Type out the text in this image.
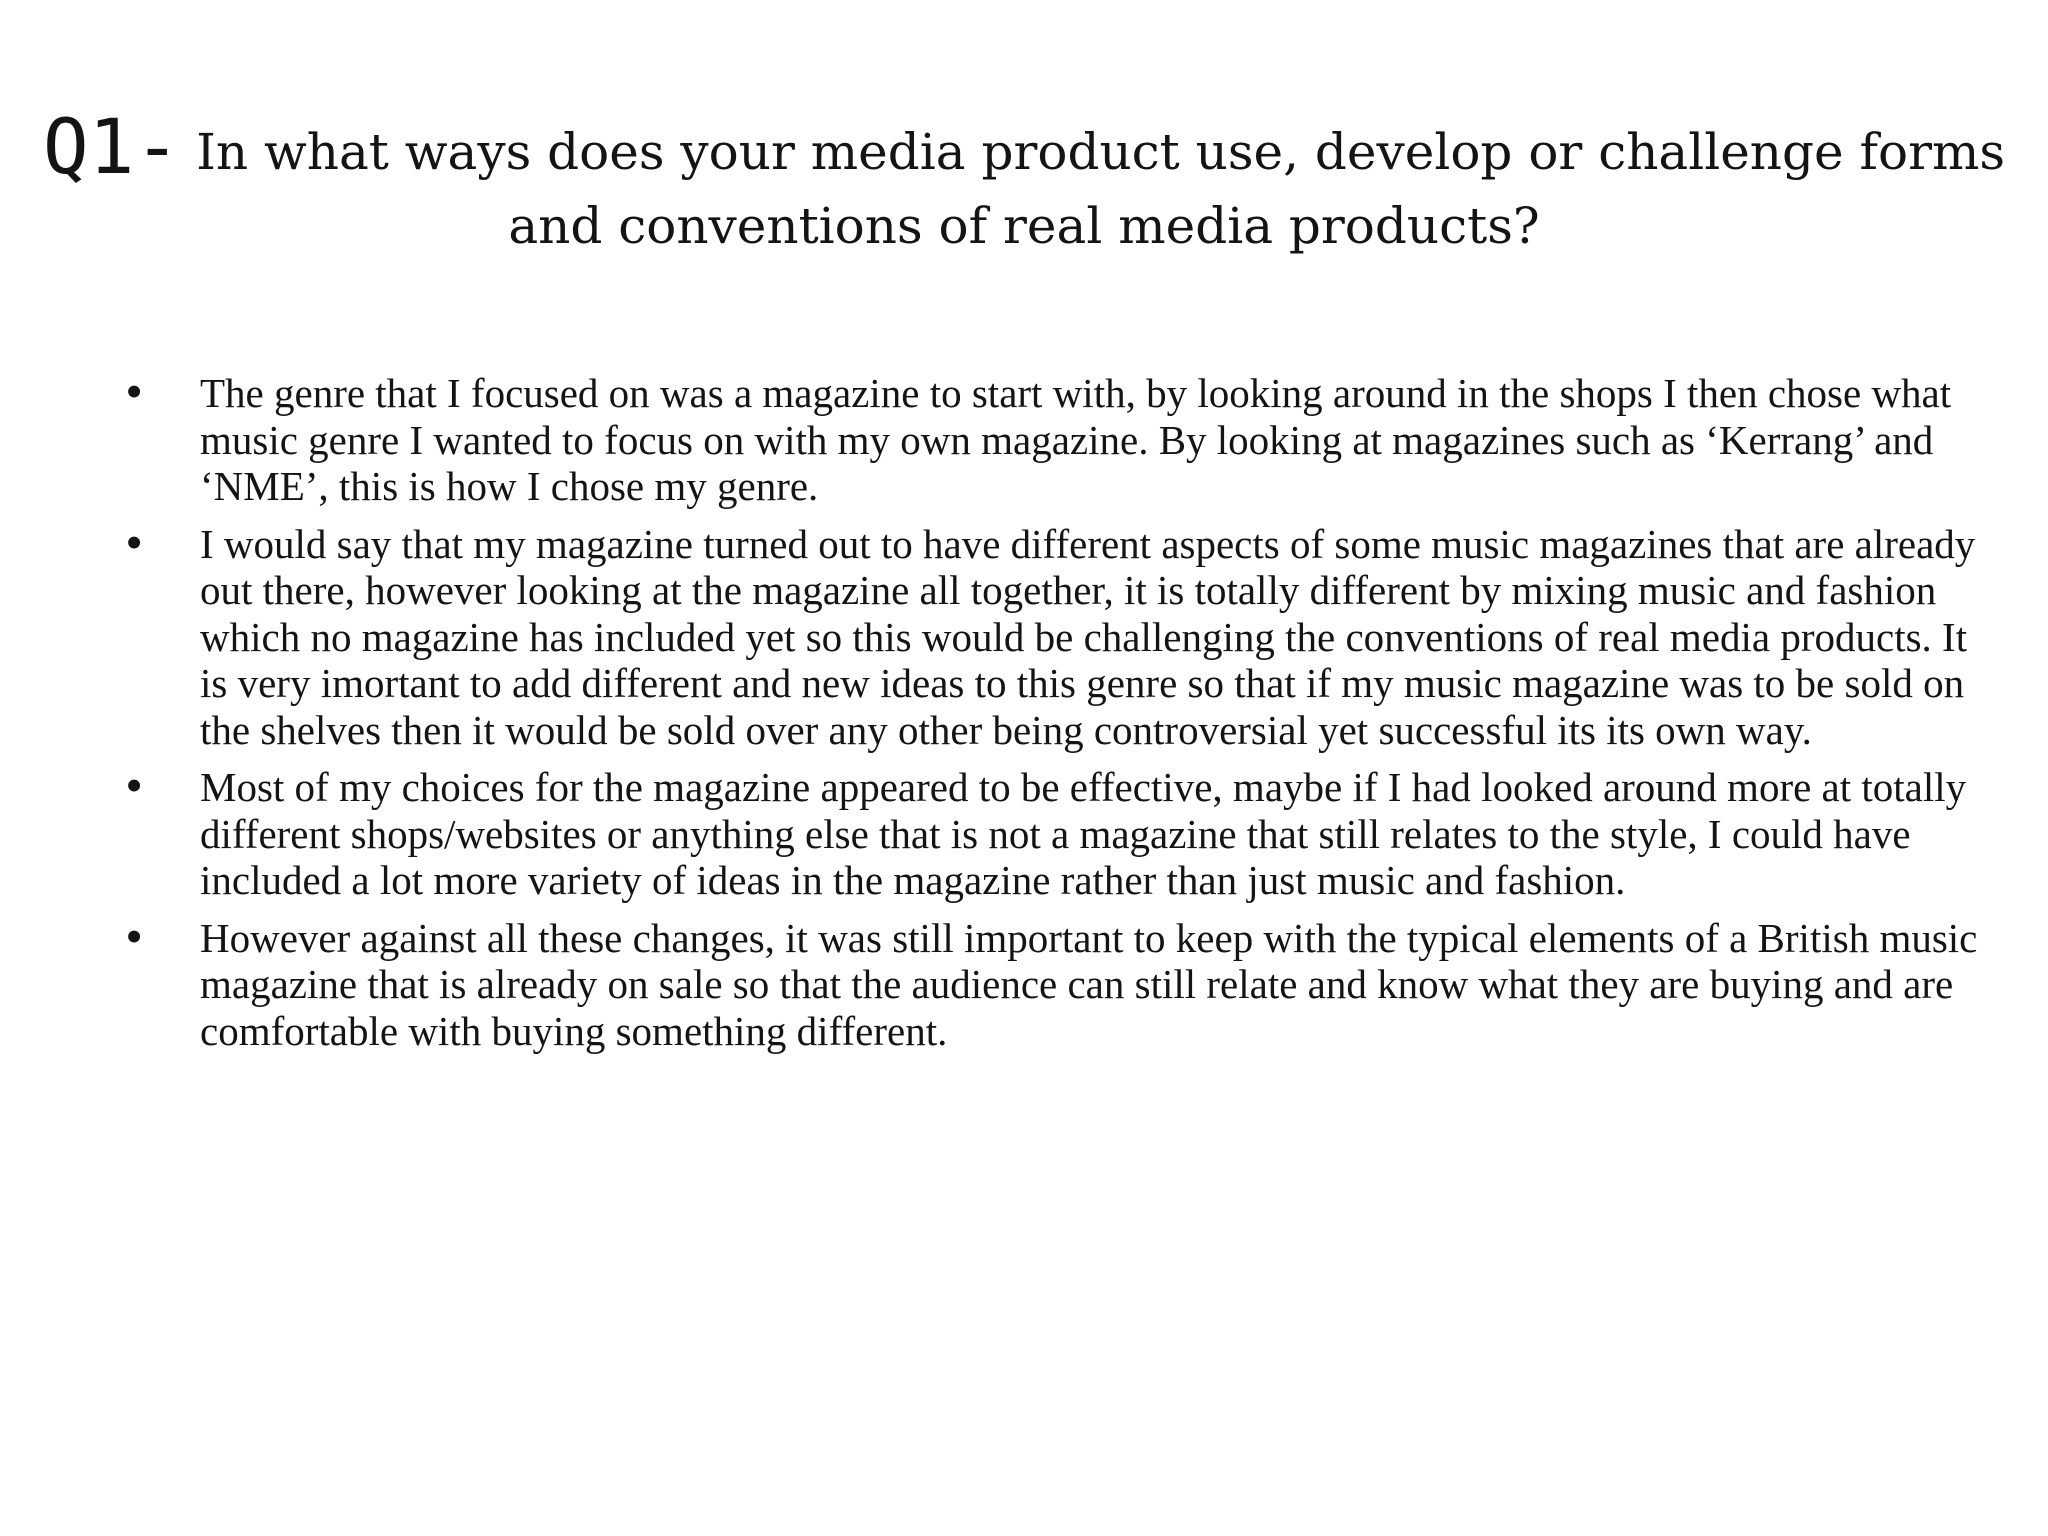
Q1- In what ways does your media product use, develop or challenge forms and conventions of real media products?
• The genre that I focused on was a magazine to start with, by looking around in the shops I then chose what music genre I wanted to focus on with my own magazine. By looking at magazines such as ‘Kerrang’ and ‘NME’, this is how I chose my genre.
• I would say that my magazine turned out to have different aspects of some music magazines that are already out there, however looking at the magazine all together, it is totally different by mixing music and fashion which no magazine has included yet so this would be challenging the conventions of real media products. It is very imortant to add different and new ideas to this genre so that if my music magazine was to be sold on the shelves then it would be sold over any other being controversial yet successful its its own way.
• Most of my choices for the magazine appeared to be effective, maybe if I had looked around more at totally different shops/websites or anything else that is not a magazine that still relates to the style, I could have included a lot more variety of ideas in the magazine rather than just music and fashion.
• However against all these changes, it was still important to keep with the typical elements of a British music magazine that is already on sale so that the audience can still relate and know what they are buying and are comfortable with buying something different.
